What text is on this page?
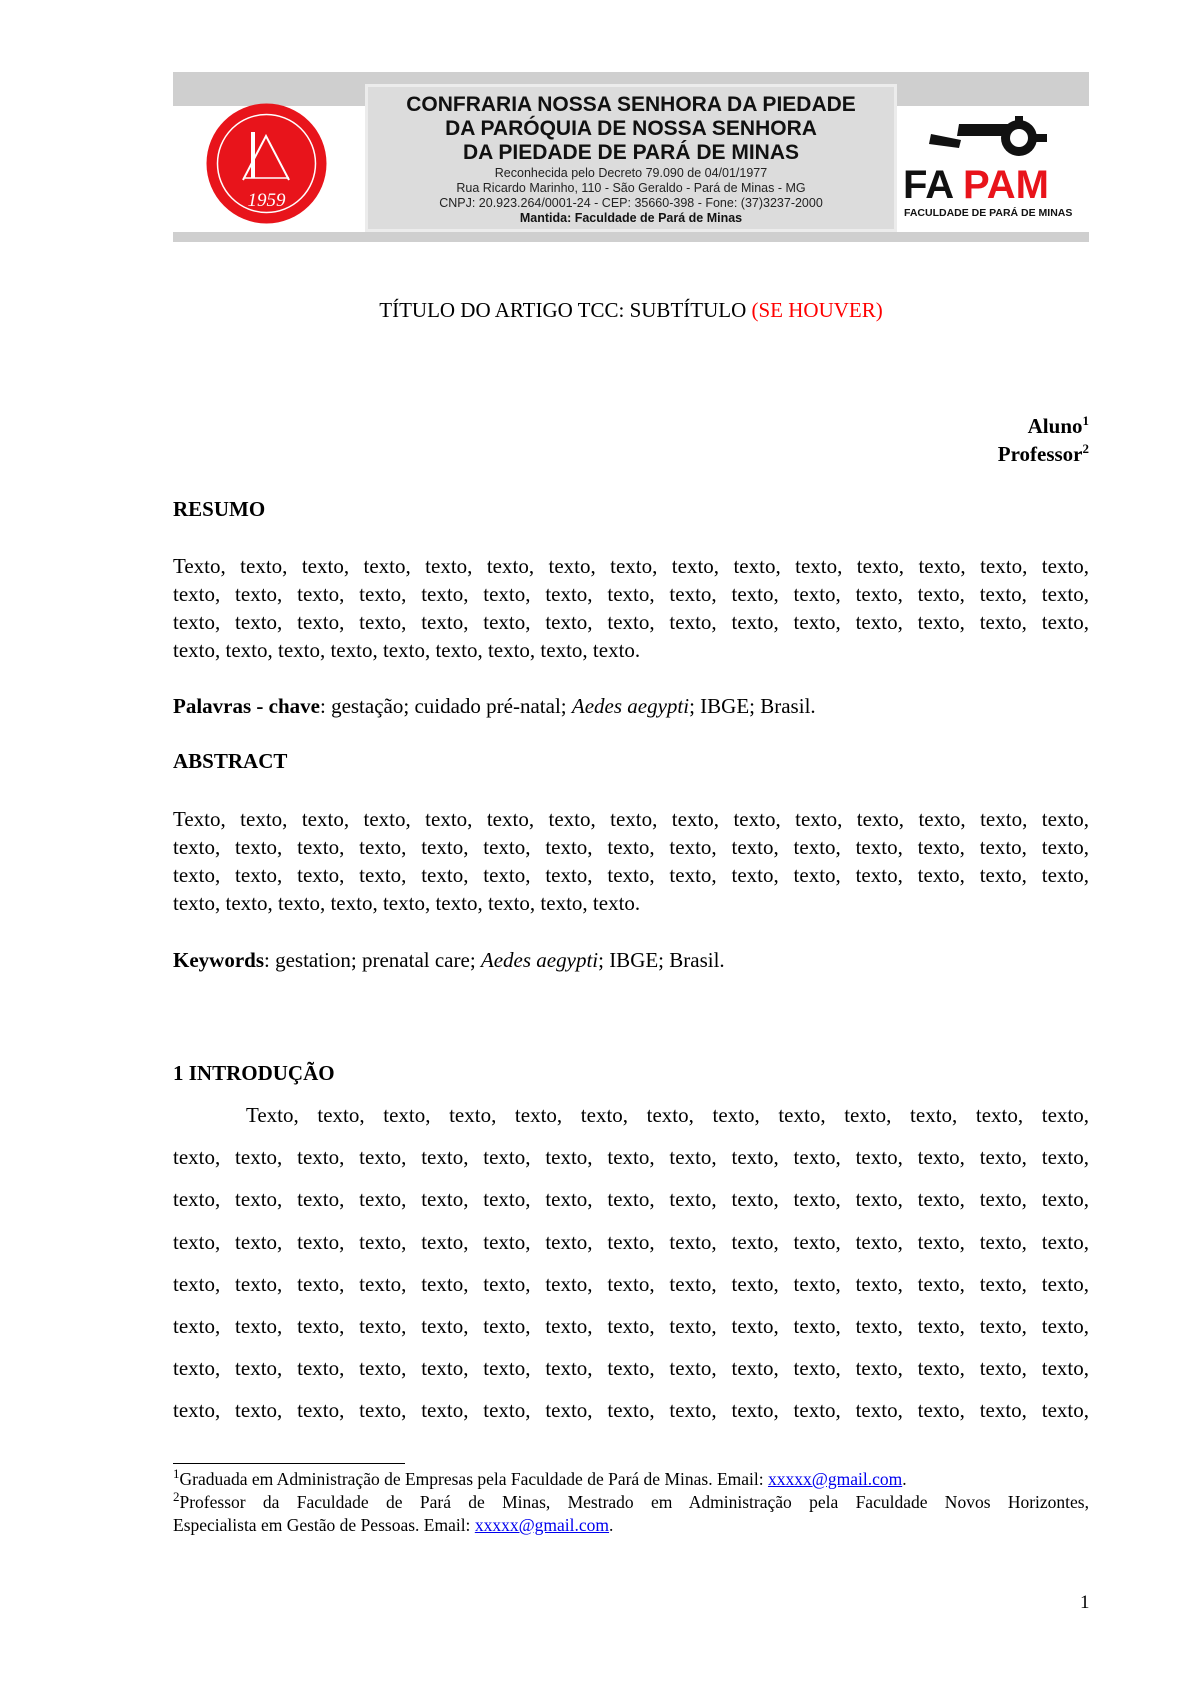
1959
CONFRARIA NOSSA SENHORA DA PIEDADE
DA PARÓQUIA DE NOSSA SENHORA
DA PIEDADE DE PARÁ DE MINAS
Reconhecida pelo Decreto 79.090 de 04/01/1977
Rua Ricardo Marinho, 110 - São Geraldo - Pará de Minas - MG
CNPJ: 20.923.264/0001-24 - CEP: 35660-398 - Fone: (37)3237-2000
Mantida: Faculdade de Pará de Minas
FA PAM
FACULDADE DE PARÁ DE MINAS
TÍTULO DO ARTIGO TCC: SUBTÍTULO (SE HOUVER)
Aluno$^1$
Professor$^2$
RESUMO
Texto, texto, texto, texto, texto, texto, texto, texto, texto, texto, texto, texto, texto, texto, texto,
texto, texto, texto, texto, texto, texto, texto, texto, texto, texto, texto, texto, texto, texto, texto,
texto, texto, texto, texto, texto, texto, texto, texto, texto, texto, texto, texto, texto, texto, texto,
texto, texto, texto, texto, texto, texto, texto, texto, texto.
Palavras - chave: gestação; cuidado pré-natal; Aedes aegypti; IBGE; Brasil.
ABSTRACT
Texto, texto, texto, texto, texto, texto, texto, texto, texto, texto, texto, texto, texto, texto, texto,
texto, texto, texto, texto, texto, texto, texto, texto, texto, texto, texto, texto, texto, texto, texto,
texto, texto, texto, texto, texto, texto, texto, texto, texto, texto, texto, texto, texto, texto, texto,
texto, texto, texto, texto, texto, texto, texto, texto, texto.
Keywords: gestation; prenatal care; Aedes aegypti; IBGE; Brasil.
1 INTRODUÇÃO
Texto, texto, texto, texto, texto, texto, texto, texto, texto, texto, texto, texto, texto,
texto, texto, texto, texto, texto, texto, texto, texto, texto, texto, texto, texto, texto, texto, texto,
texto, texto, texto, texto, texto, texto, texto, texto, texto, texto, texto, texto, texto, texto, texto,
texto, texto, texto, texto, texto, texto, texto, texto, texto, texto, texto, texto, texto, texto, texto,
texto, texto, texto, texto, texto, texto, texto, texto, texto, texto, texto, texto, texto, texto, texto,
texto, texto, texto, texto, texto, texto, texto, texto, texto, texto, texto, texto, texto, texto, texto,
texto, texto, texto, texto, texto, texto, texto, texto, texto, texto, texto, texto, texto, texto, texto,
texto, texto, texto, texto, texto, texto, texto, texto, texto, texto, texto, texto, texto, texto, texto,
$^1$Graduada em Administração de Empresas pela Faculdade de Pará de Minas. Email: xxxxx@gmail.com.
$^2$Professor da Faculdade de Pará de Minas, Mestrado em Administração pela Faculdade Novos Horizontes,
Especialista em Gestão de Pessoas. Email: xxxxx@gmail.com.
1
